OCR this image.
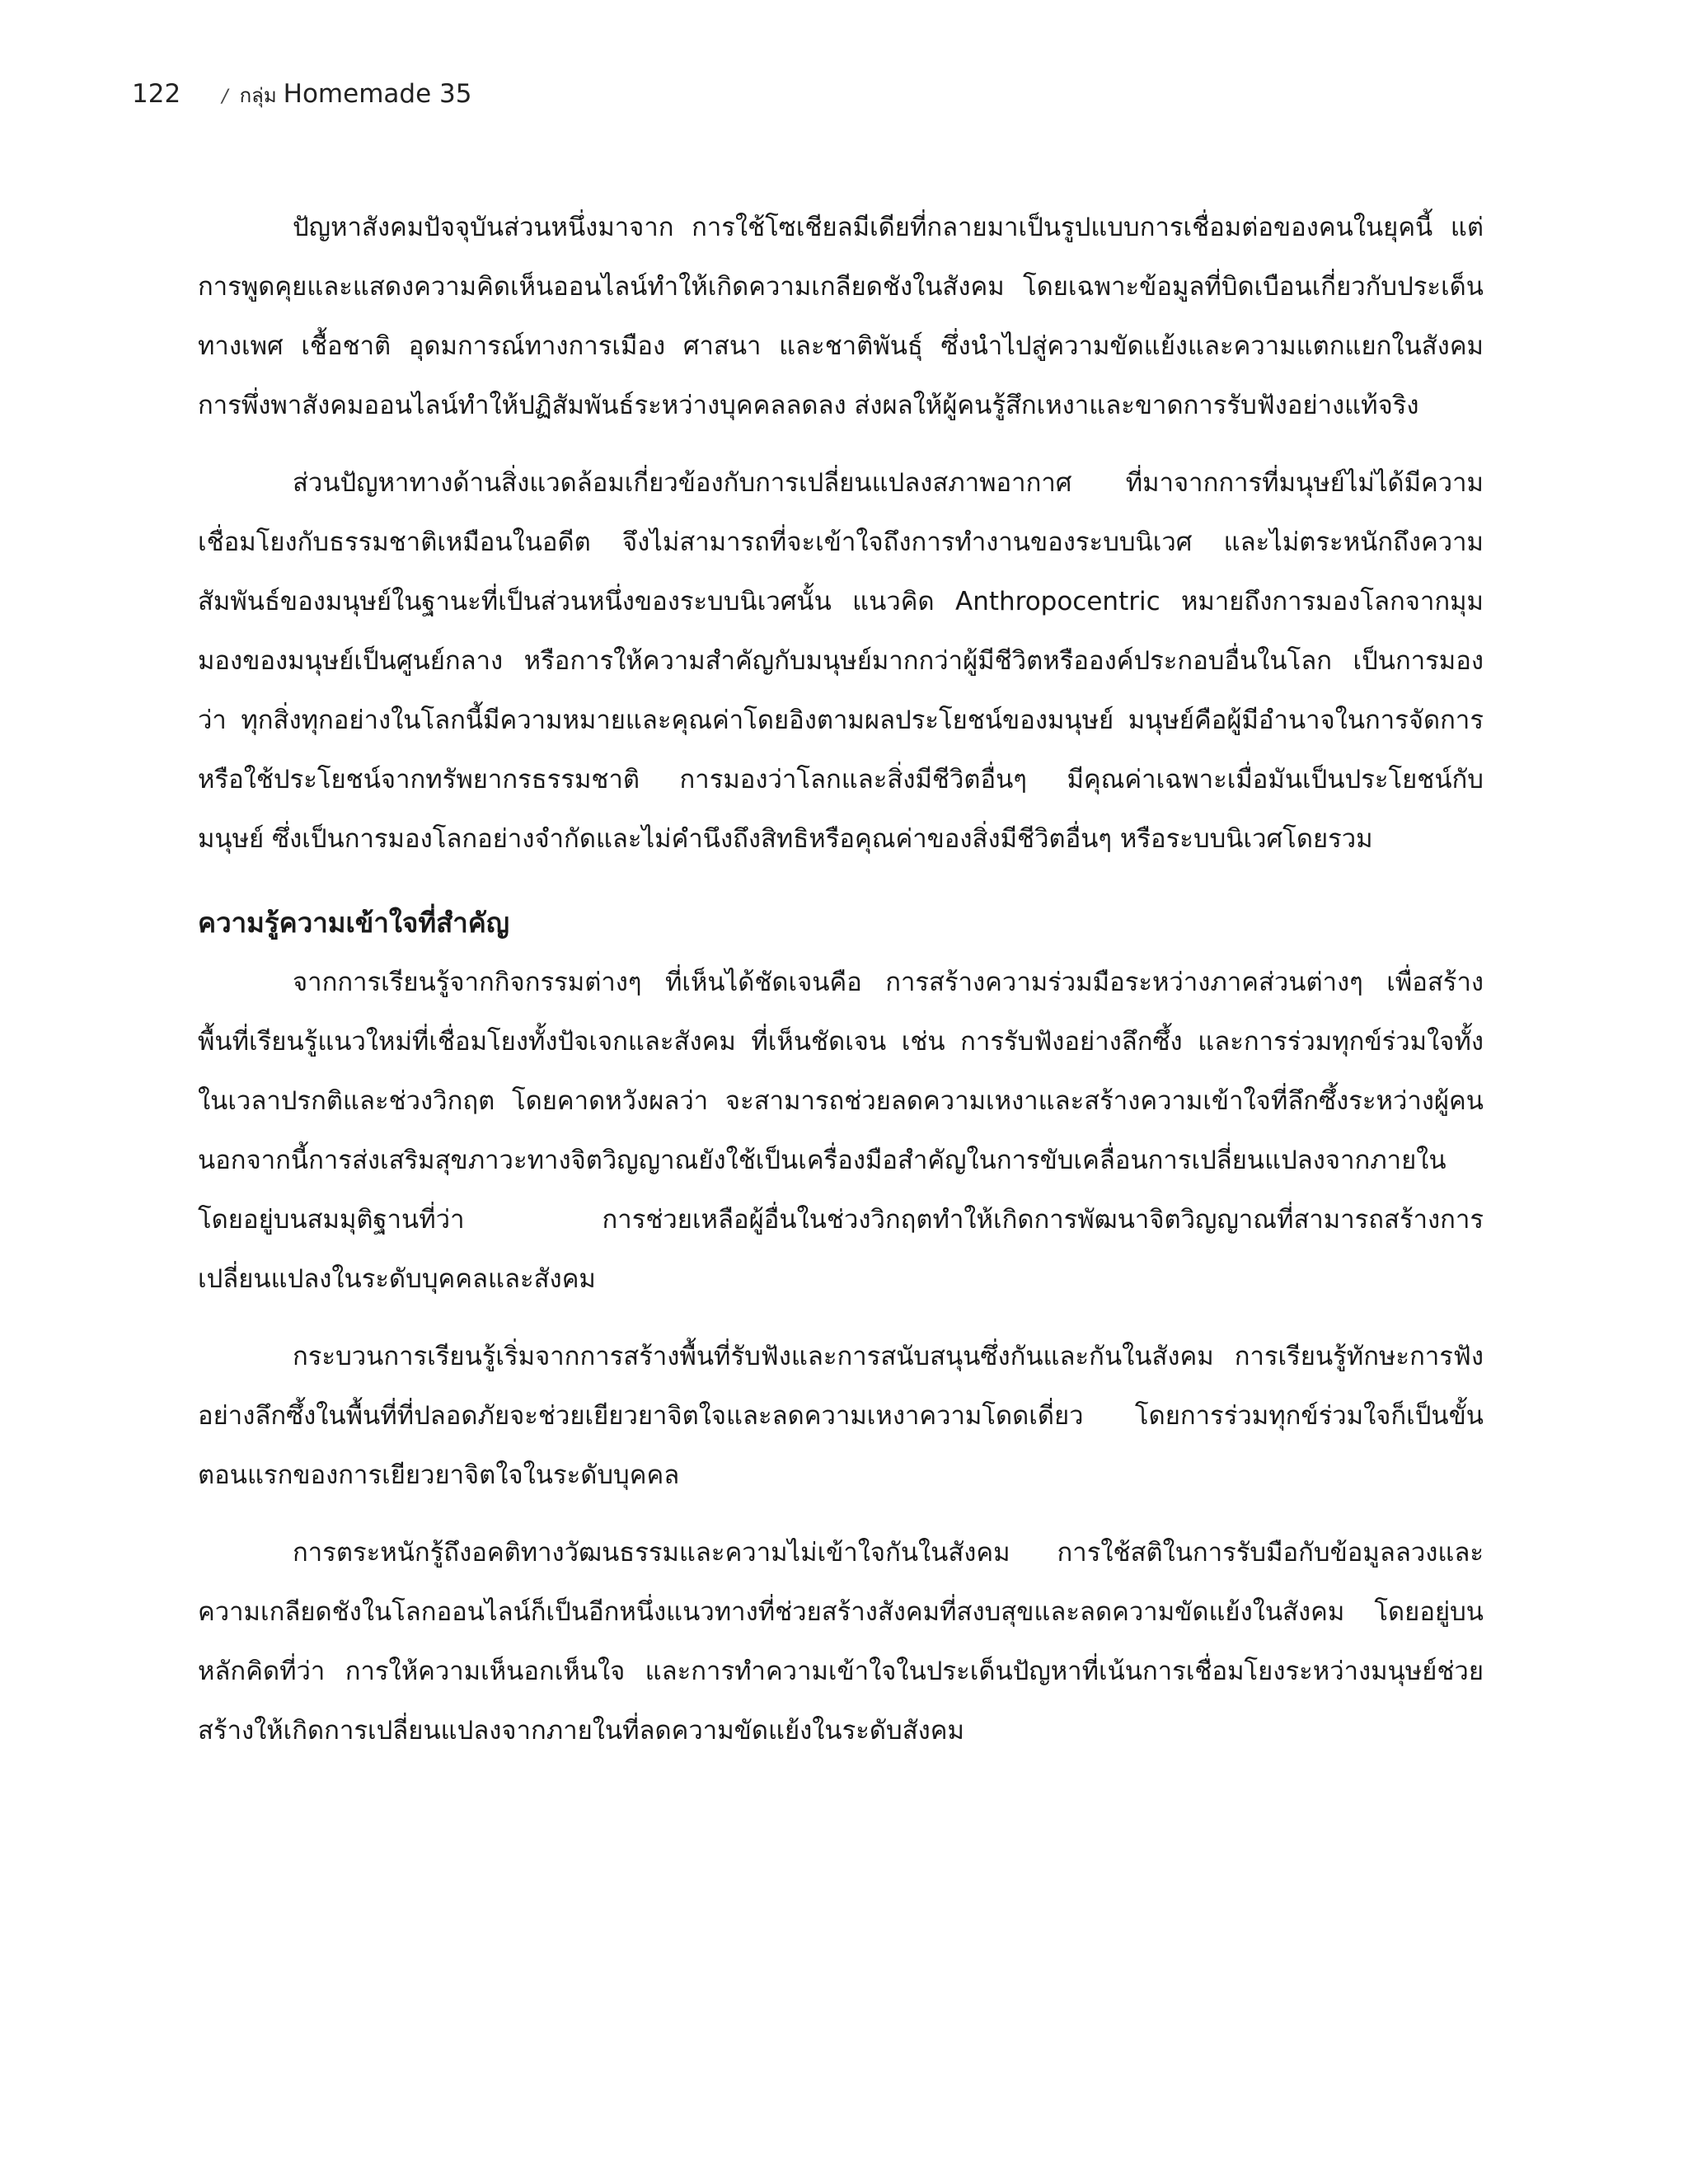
122 / กลุ่ม Homemade 35

ปัญหาสังคมปัจจุบันส่วนหนึ่งมาจาก การใช้โซเชียลมีเดียที่กลายมาเป็นรูปแบบการเชื่อมต่อของคนในยุคนี้ แต่การพูดคุยและแสดงความคิดเห็นออนไลน์ทำให้เกิดความเกลียดชังในสังคม โดยเฉพาะข้อมูลที่บิดเบือนเกี่ยวกับประเด็นทางเพศ เชื้อชาติ อุดมการณ์ทางการเมือง ศาสนา และชาติพันธุ์ ซึ่งนำไปสู่ความขัดแย้งและความแตกแยกในสังคม การพึ่งพาสังคมออนไลน์ทำให้ปฏิสัมพันธ์ระหว่างบุคคลลดลง ส่งผลให้ผู้คนรู้สึกเหงาและขาดการรับฟังอย่างแท้จริง

ส่วนปัญหาทางด้านสิ่งแวดล้อมเกี่ยวข้องกับการเปลี่ยนแปลงสภาพอากาศ ที่มาจากการที่มนุษย์ไม่ได้มีความเชื่อมโยงกับธรรมชาติเหมือนในอดีต จึงไม่สามารถที่จะเข้าใจถึงการทำงานของระบบนิเวศ และไม่ตระหนักถึงความสัมพันธ์ของมนุษย์ในฐานะที่เป็นส่วนหนึ่งของระบบนิเวศนั้น แนวคิด Anthropocentric หมายถึงการมองโลกจากมุมมองของมนุษย์เป็นศูนย์กลาง หรือการให้ความสำคัญกับมนุษย์มากกว่าผู้มีชีวิตหรือองค์ประกอบอื่นในโลก เป็นการมองว่า ทุกสิ่งทุกอย่างในโลกนี้มีความหมายและคุณค่าโดยอิงตามผลประโยชน์ของมนุษย์ มนุษย์คือผู้มีอำนาจในการจัดการหรือใช้ประโยชน์จากทรัพยากรธรรมชาติ การมองว่าโลกและสิ่งมีชีวิตอื่นๆ มีคุณค่าเฉพาะเมื่อมันเป็นประโยชน์กับมนุษย์ ซึ่งเป็นการมองโลกอย่างจำกัดและไม่คำนึงถึงสิทธิหรือคุณค่าของสิ่งมีชีวิตอื่นๆ หรือระบบนิเวศโดยรวม

ความรู้ความเข้าใจที่สำคัญ

จากการเรียนรู้จากกิจกรรมต่างๆ ที่เห็นได้ชัดเจนคือ การสร้างความร่วมมือระหว่างภาคส่วนต่างๆ เพื่อสร้างพื้นที่เรียนรู้แนวใหม่ที่เชื่อมโยงทั้งปัจเจกและสังคม ที่เห็นชัดเจน เช่น การรับฟังอย่างลึกซึ้ง และการร่วมทุกข์ร่วมใจทั้งในเวลาปรกติและช่วงวิกฤต โดยคาดหวังผลว่า จะสามารถช่วยลดความเหงาและสร้างความเข้าใจที่ลึกซึ้งระหว่างผู้คน นอกจากนี้การส่งเสริมสุขภาวะทางจิตวิญญาณยังใช้เป็นเครื่องมือสำคัญในการขับเคลื่อนการเปลี่ยนแปลงจากภายใน โดยอยู่บนสมมุติฐานที่ว่า การช่วยเหลือผู้อื่นในช่วงวิกฤตทำให้เกิดการพัฒนาจิตวิญญาณที่สามารถสร้างการเปลี่ยนแปลงในระดับบุคคลและสังคม

กระบวนการเรียนรู้เริ่มจากการสร้างพื้นที่รับฟังและการสนับสนุนซึ่งกันและกันในสังคม การเรียนรู้ทักษะการฟังอย่างลึกซึ้งในพื้นที่ที่ปลอดภัยจะช่วยเยียวยาจิตใจและลดความเหงาความโดดเดี่ยว โดยการร่วมทุกข์ร่วมใจก็เป็นขั้นตอนแรกของการเยียวยาจิตใจในระดับบุคคล

การตระหนักรู้ถึงอคติทางวัฒนธรรมและความไม่เข้าใจกันในสังคม การใช้สติในการรับมือกับข้อมูลลวงและความเกลียดชังในโลกออนไลน์ก็เป็นอีกหนึ่งแนวทางที่ช่วยสร้างสังคมที่สงบสุขและลดความขัดแย้งในสังคม โดยอยู่บนหลักคิดที่ว่า การให้ความเห็นอกเห็นใจ และการทำความเข้าใจในประเด็นปัญหาที่เน้นการเชื่อมโยงระหว่างมนุษย์ช่วยสร้างให้เกิดการเปลี่ยนแปลงจากภายในที่ลดความขัดแย้งในระดับสังคม
